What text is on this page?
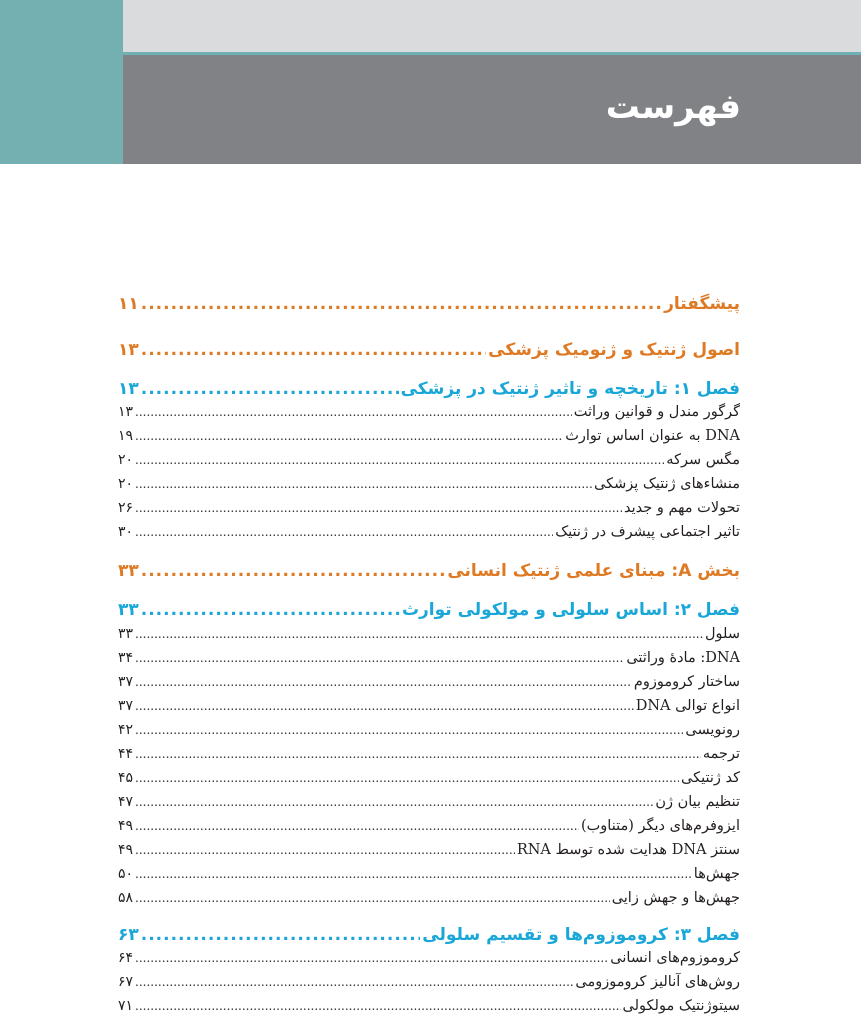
فهرست
پیشگفتار
.....
۱۱
اصول ژنتیک و ژنومیک پزشکی
.....
۱۳
فصل ۱: تاریخچه و تاثیر ژنتیک در پزشکی
.....
۱۳
گرگور مندل و قوانین وراثت
.....
۱۳
DNA به عنوان اساس توارث
.....
۱۹
مگس سرکه
.....
۲۰
منشاءهای ژنتیک پزشکی
.....
۲۰
تحولات مهم و جدید
.....
۲۶
تاثیر اجتماعی پیشرف در ژنتیک
.....
۳۰
بخش A: مبنای علمی ژنتیک انسانی
.....
۳۳
فصل ۲: اساس سلولی و مولکولی توارث
.....
۳۳
سلول
.....
۳۳
DNA: مادۀ وراثتی
.....
۳۴
ساختار کروموزوم
.....
۳۷
انواع توالی DNA
.....
۳۷
رونویسی
.....
۴۲
ترجمه
.....
۴۴
کد ژنتیکی
.....
۴۵
تنظیم بیان ژن
.....
۴۷
ایزوفرم‌های دیگر (متناوب)
.....
۴۹
سنتز DNA هدایت شده توسط RNA
.....
۴۹
جهش‌ها
.....
۵۰
جهش‌ها و جهش زایی
.....
۵۸
فصل ۳: کروموزوم‌ها و تقسیم سلولی
.....
۶۳
کروموزوم‌های انسانی
.....
۶۴
روش‌های آنالیز کروموزومی
.....
۶۷
سیتوژنتیک مولکولی
.....
۷۱
